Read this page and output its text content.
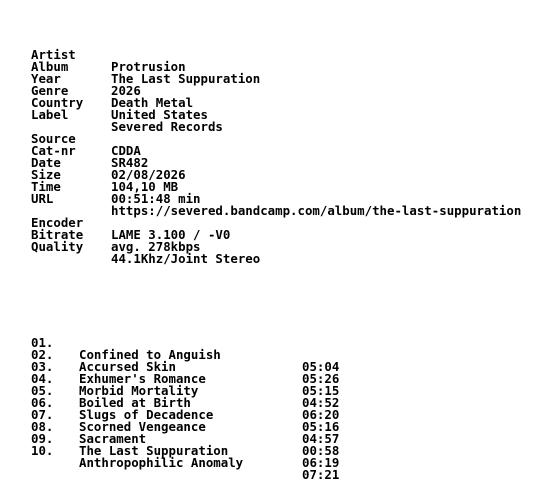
Artist

Protrusion

Album

The Last Suppuration

Year

2026

Genre

Death Metal

Country

United States

Label

Severed Records

Source

CDDA

Cat-nr

SR482

Date

02/08/2026

Size

104,10 MB

Time

00:51:48 min

URL

https://severed.bandcamp.com/album/the-last-suppuration

Encoder

LAME 3.100 / -V0

Bitrate

avg. 278kbps

Quality

44.1Khz/Joint Stereo

01.

Confined to Anguish

05:04

02.

Accursed Skin

05:26

03.

Exhumer's Romance

05:15

04.

Morbid Mortality

04:52

05.

Boiled at Birth

06:20

06.

Slugs of Decadence

05:16

07.

Scorned Vengeance

04:57

08.

Sacrament

00:58

09.

The Last Suppuration

06:19

10.

Anthropophilic Anomaly

07:21
